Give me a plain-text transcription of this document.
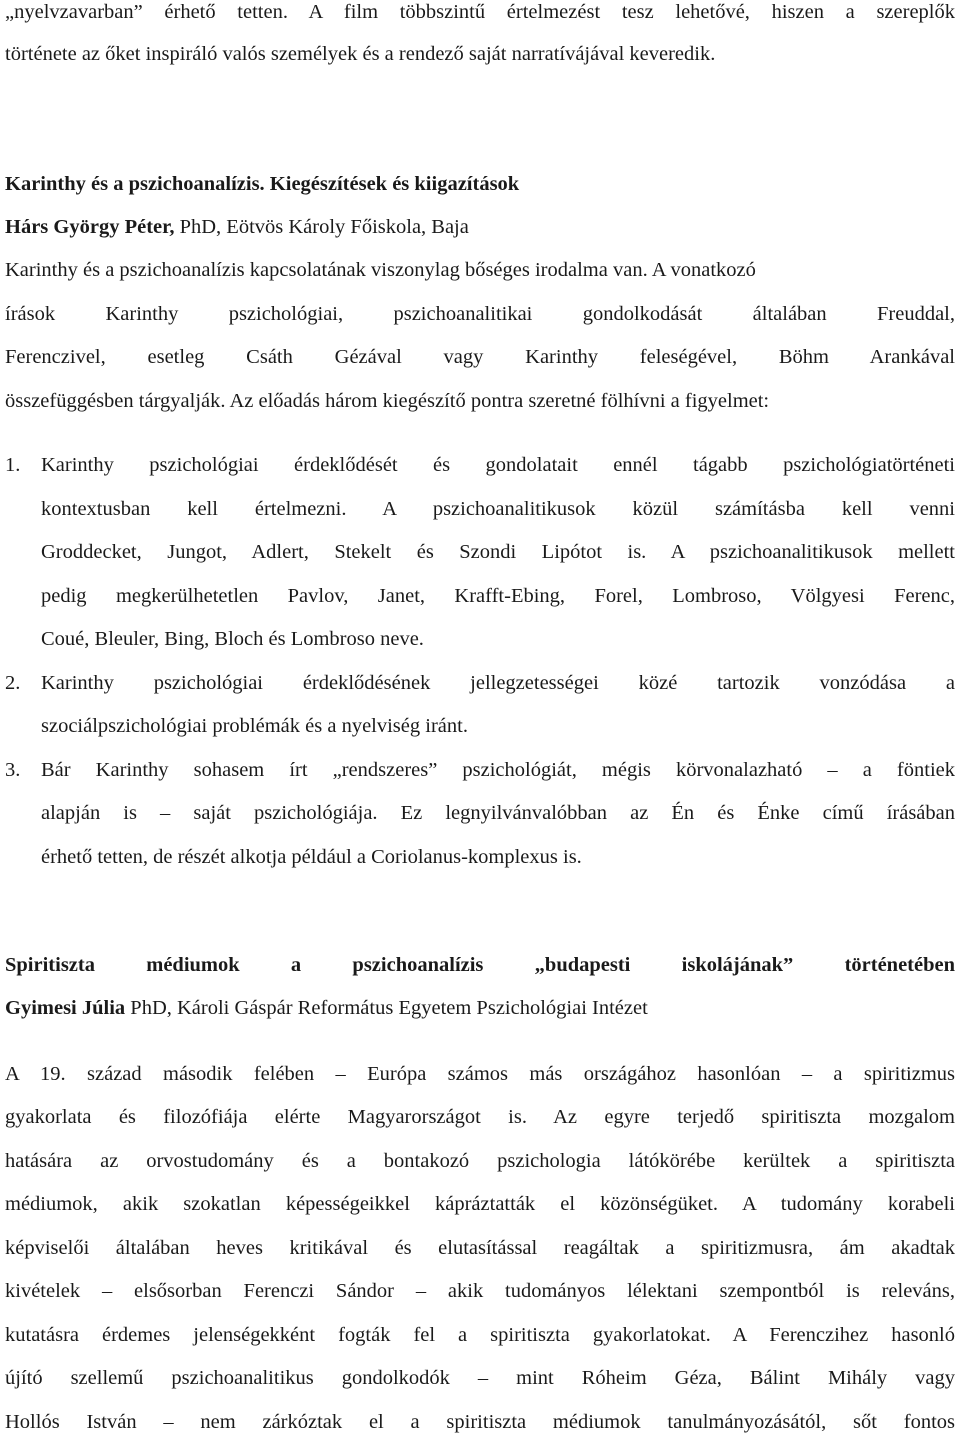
„nyelvzavarban” érhető tetten. A film többszintű értelmezést tesz lehetővé, hiszen a szereplők
története az őket inspiráló valós személyek és a rendező saját narratívájával keveredik.
Karinthy és a pszichoanalízis. Kiegészítések és kiigazítások
Hárs György Péter, PhD, Eötvös Károly Főiskola, Baja
Karinthy és a pszichoanalízis kapcsolatának viszonylag bőséges irodalma van. A vonatkozó
írások Karinthy pszichológiai, pszichoanalitikai gondolkodását általában Freuddal,
Ferenczivel, esetleg Csáth Gézával vagy Karinthy feleségével, Böhm Arankával
összefüggésben tárgyalják. Az előadás három kiegészítő pontra szeretné fölhívni a figyelmet:
1. Karinthy pszichológiai érdeklődését és gondolatait ennél tágabb pszichológiatörténeti
kontextusban kell értelmezni. A pszichoanalitikusok közül számításba kell venni
Groddecket, Jungot, Adlert, Stekelt és Szondi Lipótot is. A pszichoanalitikusok mellett
pedig megkerülhetetlen Pavlov, Janet, Krafft-Ebing, Forel, Lombroso, Völgyesi Ferenc,
Coué, Bleuler, Bing, Bloch és Lombroso neve.
2. Karinthy pszichológiai érdeklődésének jellegzetességei közé tartozik vonzódása a
szociálpszichológiai problémák és a nyelviség iránt.
3. Bár Karinthy sohasem írt „rendszeres” pszichológiát, mégis körvonalazható – a föntiek
alapján is – saját pszichológiája. Ez legnyilvánvalóbban az Én és Énke című írásában
érhető tetten, de részét alkotja például a Coriolanus-komplexus is.
Spiritiszta médiumok a pszichoanalízis „budapesti iskolájának” történetében
Gyimesi Júlia PhD, Károli Gáspár Református Egyetem Pszichológiai Intézet
A 19. század második felében – Európa számos más országához hasonlóan – a spiritizmus
gyakorlata és filozófiája elérte Magyarországot is. Az egyre terjedő spiritiszta mozgalom
hatására az orvostudomány és a bontakozó pszichologia látókörébe kerültek a spiritiszta
médiumok, akik szokatlan képességeikkel kápráztatták el közönségüket. A tudomány korabeli
képviselői általában heves kritikával és elutasítással reagáltak a spiritizmusra, ám akadtak
kivételek – elsősorban Ferenczi Sándor – akik tudományos lélektani szempontból is releváns,
kutatásra érdemes jelenségekként fogták fel a spiritiszta gyakorlatokat. A Ferenczihez hasonló
újító szellemű pszichoanalitikus gondolkodók – mint Róheim Géza, Bálint Mihály vagy
Hollós István – nem zárkóztak el a spiritiszta médiumok tanulmányozásától, sőt fontos
